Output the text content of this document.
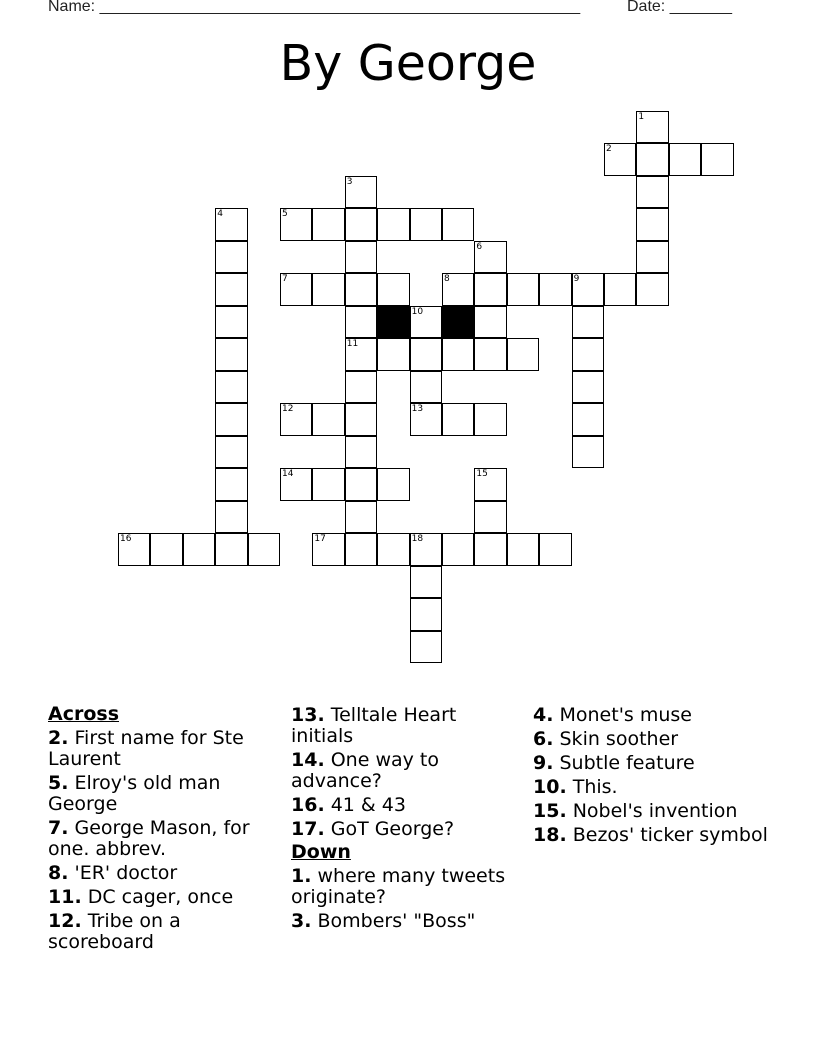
Name: ______________________________________________________	Date: _______
By George
1
2
3
4	5
6
7	8	9
10
11
12	13
14	15
16	17	18
Across
2. First name for Ste Laurent
5. Elroy's old man George
7. George Mason, for one. abbrev.
8. 'ER' doctor
11. DC cager, once
12. Tribe on a scoreboard
13. Telltale Heart initials
14. One way to advance?
16. 41 & 43
17. GoT George?
Down
1. where many tweets originate?
3. Bombers' "Boss"
4. Monet's muse
6. Skin soother
9. Subtle feature
10. This.
15. Nobel's invention
18. Bezos' ticker symbol
